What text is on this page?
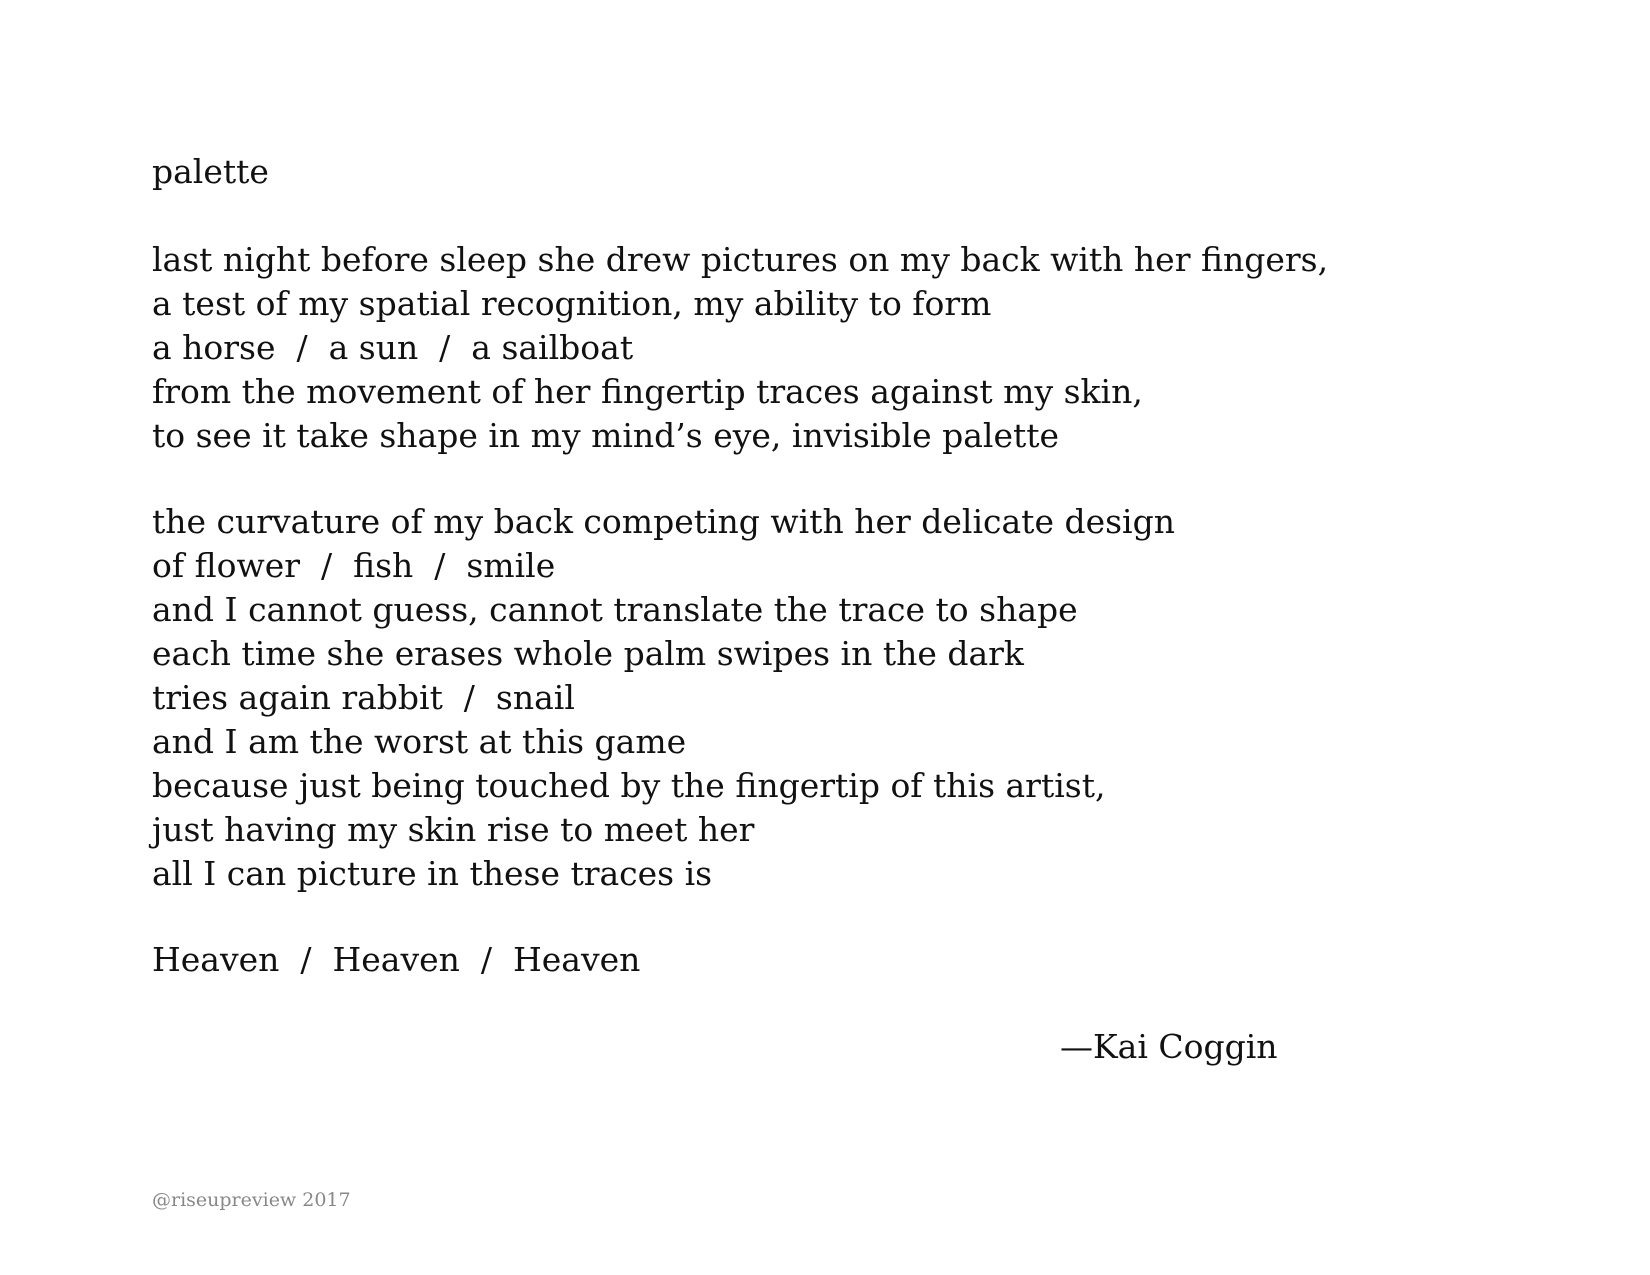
palette
last night before sleep she drew pictures on my back with her fingers,
a test of my spatial recognition, my ability to form
a horse  /  a sun  /  a sailboat
from the movement of her fingertip traces against my skin,
to see it take shape in my mind’s eye, invisible palette
the curvature of my back competing with her delicate design
of flower  /  fish  /  smile
and I cannot guess, cannot translate the trace to shape
each time she erases whole palm swipes in the dark
tries again rabbit  /  snail
and I am the worst at this game
because just being touched by the fingertip of this artist,
just having my skin rise to meet her
all I can picture in these traces is
Heaven  /  Heaven  /  Heaven
—Kai Coggin
@riseupreview 2017
